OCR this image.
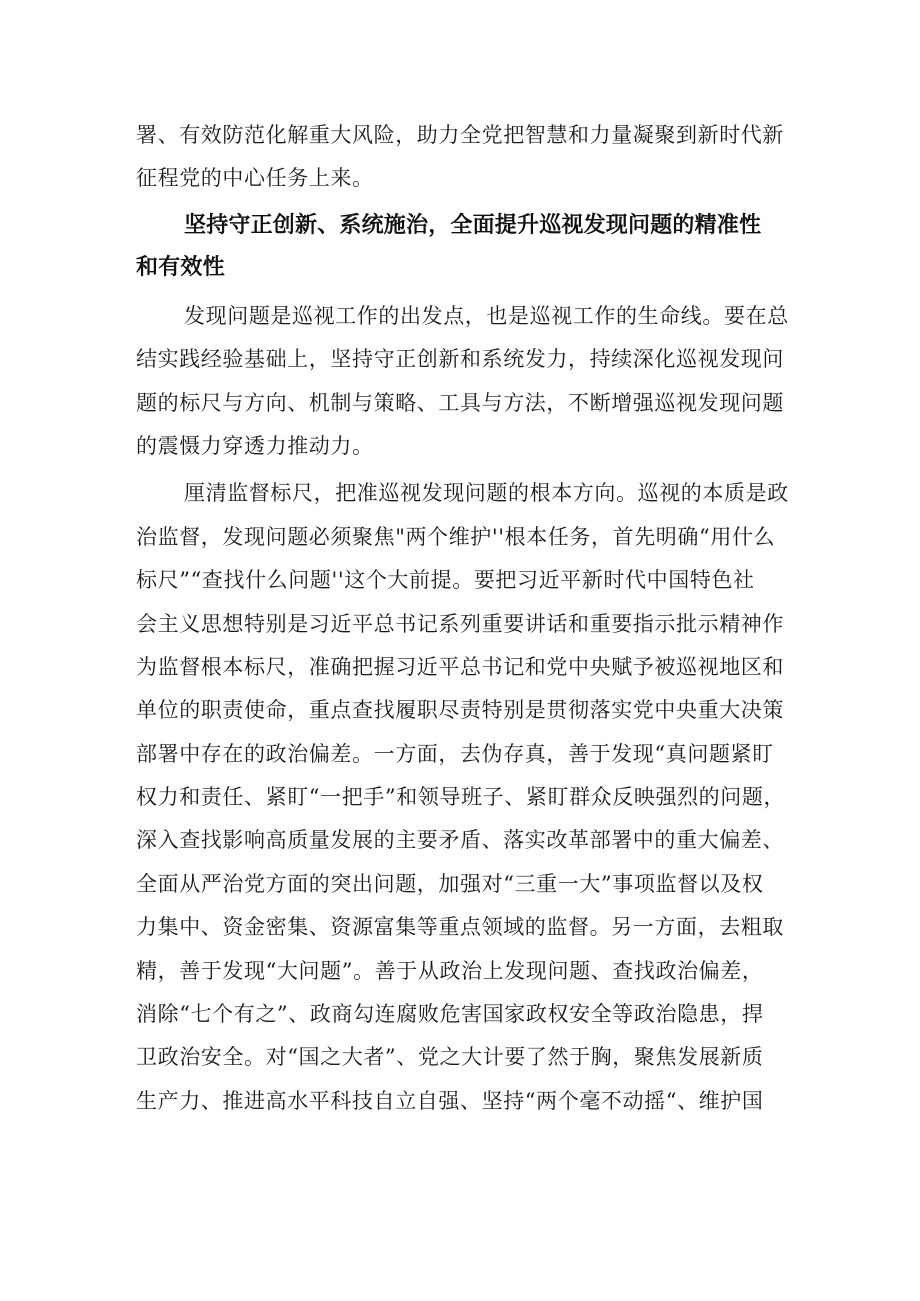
署、有效防范化解重大风险，助力全党把智慧和力量凝聚到新时代新
征程党的中心任务上来。
坚持守正创新、系统施治，全面提升巡视发现问题的精准性
和有效性
发现问题是巡视工作的出发点，也是巡视工作的生命线。要在总
结实践经验基础上，坚持守正创新和系统发力，持续深化巡视发现问
题的标尺与方向、机制与策略、工具与方法，不断增强巡视发现问题
的震慑力穿透力推动力。
厘清监督标尺，把准巡视发现问题的根本方向。巡视的本质是政
治监督，发现问题必须聚焦"两个维护''根本任务，首先明确“用什么
标尺”“查找什么问题''这个大前提。要把习近平新时代中国特色社
会主义思想特别是习近平总书记系列重要讲话和重要指示批示精神作
为监督根本标尺，准确把握习近平总书记和党中央赋予被巡视地区和
单位的职责使命，重点查找履职尽责特别是贯彻落实党中央重大决策
部署中存在的政治偏差。一方面，去伪存真，善于发现“真问题紧盯
权力和责任、紧盯“一把手”和领导班子、紧盯群众反映强烈的问题，
深入查找影响高质量发展的主要矛盾、落实改革部署中的重大偏差、
全面从严治党方面的突出问题，加强对“三重一大”事项监督以及权
力集中、资金密集、资源富集等重点领域的监督。另一方面，去粗取
精，善于发现“大问题”。善于从政治上发现问题、查找政治偏差，
消除“七个有之”、政商勾连腐败危害国家政权安全等政治隐患，捍
卫政治安全。对“国之大者”、党之大计要了然于胸，聚焦发展新质
生产力、推进高水平科技自立自强、坚持“两个毫不动摇“、维护国
